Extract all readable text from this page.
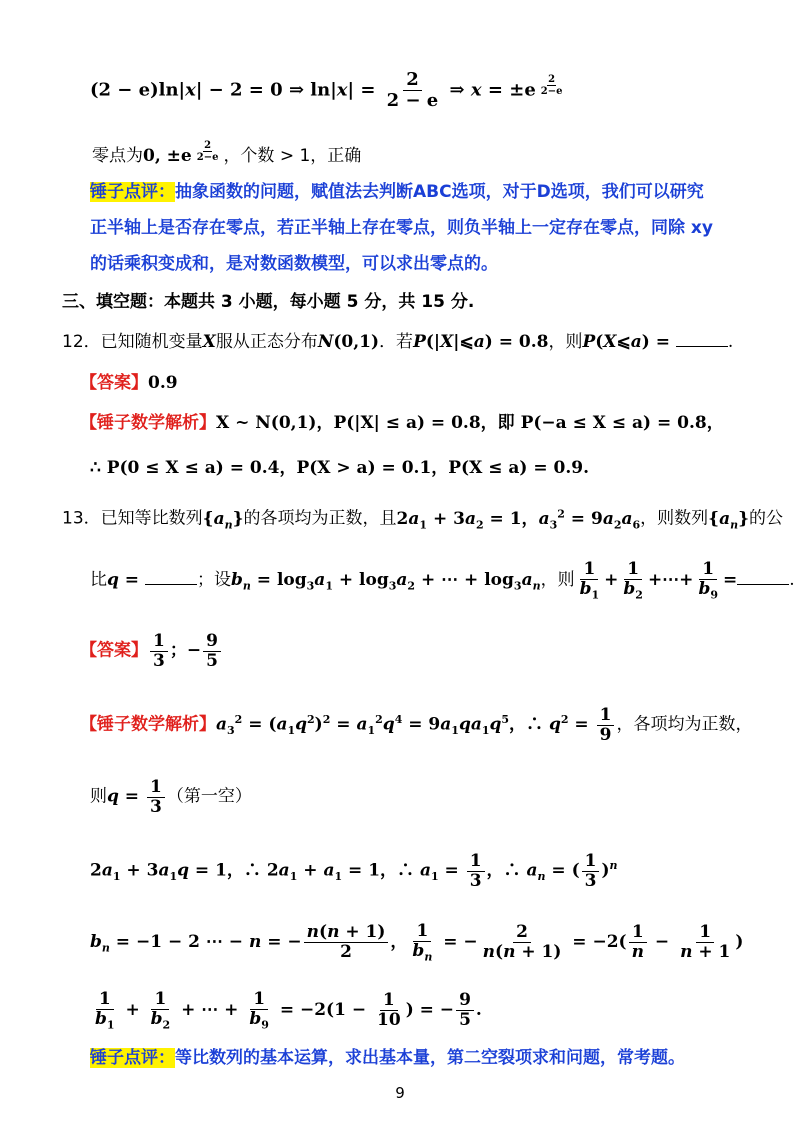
(2 − e)ln|x| − 2 = 0 ⇒ $\ln|x| = \frac{2}{2 - e}$ ⇒ x = ±e $^{\frac{2}{2-e}}$
零点为0, ±e $^{\frac{2}{2-e}}$ ，个数 > 1，正确
锤子点评：抽象函数的问题，赋值法去判断ABC选项，对于D选项，我们可以研究
正半轴上是否存在零点，若正半轴上存在零点，则负半轴上一定存在零点，同除 xy
的话乘积变成和，是对数函数模型，可以求出零点的。
三、填空题：本题共 3 小题，每小题 5 分，共 15 分.
12．已知随机变量X服从正态分布N(0,1)．若P(|X|⩽a) = 0.8，则P(X⩽a) =	.
【答案】0.9
【锤子数学解析】X ~ N(0,1)，P(|X| ≤ a) = 0.8，即 P(−a ≤ X ≤ a) = 0.8，
∴ P(0 ≤ X ≤ a) = 0.4，P(X > a) = 0.1，P(X ≤ a) = 0.9.
13．已知等比数列$\{a_n\}$的各项均为正数，且$2a_1 + 3a_2 = 1$，$a_3^2 = 9a_2a_6$，则数列$\{a_n\}$的公
比q =	；设$b_n = \log_3a_1 + \log_3a_2$ + ⋯ + $\log_3a_n$，则 $\frac{1}{b_1} + \frac{1}{b_2}$ +⋯+ $\frac{1}{b_9}$ =	.
【答案】 $\frac{1}{3}$ ；− $\frac{9}{5}$
【锤子数学解析】$a_3^2 = (a_1q^2)^2 = a_1^2q^4 = 9a_1qa_1q^5$，∴ $q^2 = \frac{1}{9}$ ，各项均为正数，
则$q = \frac{1}{3}$ （第一空）
$2a_1 + 3a_1q = 1$，∴ $2a_1 + a_1 = 1$，∴ $a_1 = \frac{1}{3}$ ，∴ $a_n$ = ( $\frac{1}{3} )^n$
$b_n = -1 - 2$ ⋯ − n = − $\frac{n(n + 1)}{2}$ ， $\frac{1}{b_n}$ = − $\frac{2}{n(n + 1)} = -2( \frac{1}{n} - \frac{1}{n + 1}$ )
$\frac{1}{b_1} + \frac{1}{b_2}$ + ⋯ + $\frac{1}{b_9} = -2(1 - \frac{1}{10}$ ) = − $\frac{9}{5}$ .
锤子点评：等比数列的基本运算，求出基本量，第二空裂项求和问题，常考题。
9
